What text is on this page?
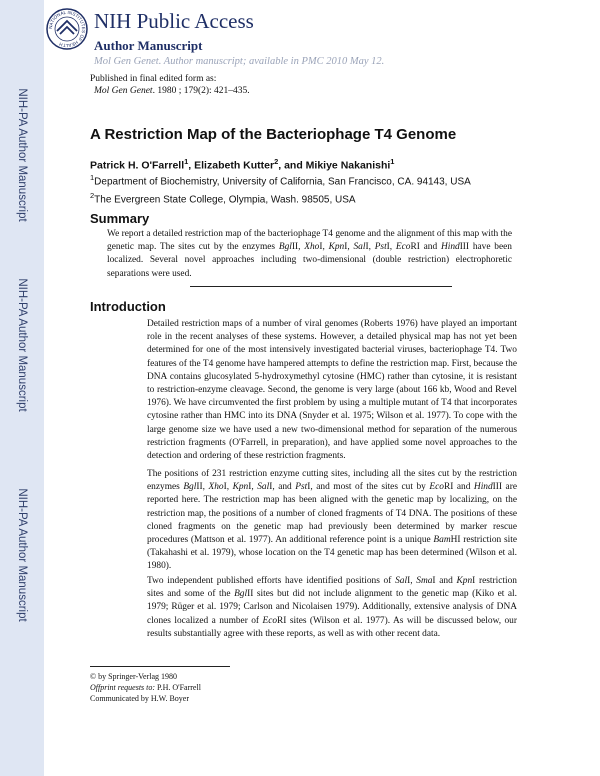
NIH-PA Author Manuscript
NIH-PA Author Manuscript
NIH-PA Author Manuscript
NATIONAL INSTITUTES OF HEALTH
NIH Public Access
Author Manuscript
Mol Gen Genet. Author manuscript; available in PMC 2010 May 12.
Published in final edited form as:
Mol Gen Genet. 1980 ; 179(2): 421–435.
A Restriction Map of the Bacteriophage T4 Genome
Patrick H. O'Farrell$^1$, Elizabeth Kutter$^2$, and Mikiye Nakanishi$^1$
$^1$Department of Biochemistry, University of California, San Francisco, CA. 94143, USA
$^2$The Evergreen State College, Olympia, Wash. 98505, USA
Summary
We report a detailed restriction map of the bacteriophage T4 genome and the alignment of this map with the genetic map. The sites cut by the enzymes BglII, XhoI, KpnI, SalI, PstI, EcoRI and HindIII have been localized. Several novel approaches including two-dimensional (double restriction) electrophoretic separations were used.
Introduction
Detailed restriction maps of a number of viral genomes (Roberts 1976) have played an important role in the recent analyses of these systems. However, a detailed physical map has not yet been determined for one of the most intensively investigated bacterial viruses, bacteriophage T4. Two features of the T4 genome have hampered attempts to define the restriction map. First, because the DNA contains glucosylated 5-hydroxymethyl cytosine (HMC) rather than cytosine, it is resistant to restriction-enzyme cleavage. Second, the genome is very large (about 166 kb, Wood and Revel 1976). We have circumvented the first problem by using a multiple mutant of T4 that incorporates cytosine rather than HMC into its DNA (Snyder et al. 1975; Wilson et al. 1977). To cope with the large genome size we have used a new two-dimensional method for separation of the numerous restriction fragments (O'Farrell, in preparation), and have applied some novel approaches to the detection and ordering of these restriction fragments.
The positions of 231 restriction enzyme cutting sites, including all the sites cut by the restriction enzymes BglII, XhoI, KpnI, SalI, and PstI, and most of the sites cut by EcoRI and HindIII are reported here. The restriction map has been aligned with the genetic map by localizing, on the restriction map, the positions of a number of cloned fragments of T4 DNA. The positions of these cloned fragments on the genetic map had previously been determined by marker rescue procedures (Mattson et al. 1977). An additional reference point is a unique BamHI restriction site (Takahashi et al. 1979), whose location on the T4 genetic map has been determined (Wilson et al. 1980).
Two independent published efforts have identified positions of SalI, SmaI and KpnI restriction sites and some of the BglII sites but did not include alignment to the genetic map (Kiko et al. 1979; Rüger et al. 1979; Carlson and Nicolaisen 1979). Additionally, extensive analysis of DNA clones localized a number of EcoRI sites (Wilson et al. 1977). As will be discussed below, our results substantially agree with these reports, as well as with other recent data.
© by Springer-Verlag 1980
Offprint requests to: P.H. O'Farrell
Communicated by H.W. Boyer
